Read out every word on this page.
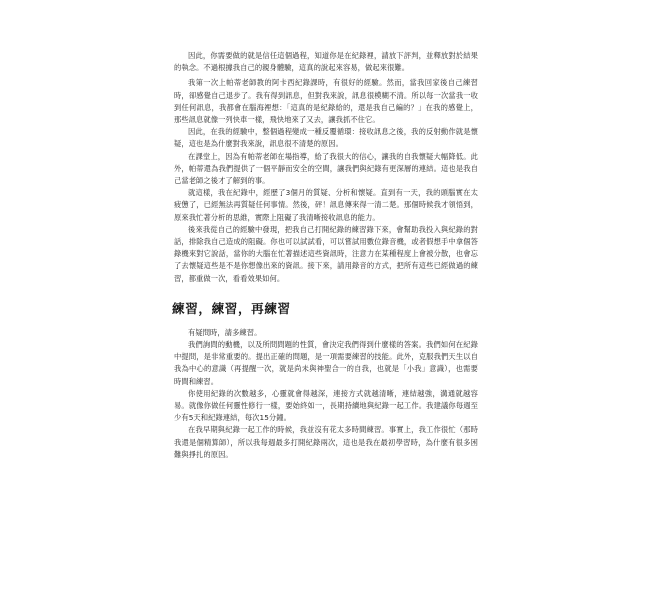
因此，你需要做的就是信任這個過程，知道你是在紀錄裡，請放下評判，並釋放對於結果的執念。不過根據我自己的親身體驗，這真的說起來容易，做起來很難。

我第一次上帕蒂老師教的阿卡西紀錄課時，有很好的經驗。然而，當我回家後自己練習時，卻感覺自己退步了。我有得到訊息，但對我來說，訊息很模糊不清。所以每一次當我一收到任何訊息，我都會在腦海裡想：「這真的是紀錄給的，還是我自己編的？」在我的感覺上，那些訊息就像一列快車一樣，飛快地來了又去，讓我抓不住它。

因此，在我的經驗中，整個過程變成一種反覆循環：接收訊息之後，我的反射動作就是懷疑，這也是為什麼對我來說，訊息很不清楚的原因。

在課堂上，因為有帕蒂老師在場指導，給了我很大的信心，讓我的自我懷疑大幅降低。此外，帕蒂還為我們提供了一個平靜而安全的空間，讓我們與紀錄有更深層的連結。這也是我自己當老師之後才了解到的事。

就這樣，我在紀錄中，經歷了3個月的質疑、分析和懷疑。直到有一天，我的頭腦實在太疲憊了，已經無法再質疑任何事情。然後，砰！訊息傳來得一清二楚。那個時候我才領悟到，原來我忙著分析的思維，實際上阻礙了我清晰接收訊息的能力。

後來我從自己的經驗中發現，把我自己打開紀錄的練習錄下來，會幫助我投入與紀錄的對話，排除我自己造成的阻礙。你也可以試試看，可以嘗試用數位錄音機，或者假想手中拿個答錄機來對它說話，當你的大腦在忙著描述這些資訊時，注意力在某種程度上會被分散，也會忘了去懷疑這些是不是你想像出來的資訊。接下來，請用錄音的方式，把所有這些已經做過的練習，都重做一次，看看效果如何。

練習，練習，再練習

有疑問時，請多練習。

我們詢問的動機，以及所問問題的性質，會決定我們得到什麼樣的答案。我們如何在紀錄中提問，是非常重要的。提出正確的問題，是一項需要練習的技能。此外，克服我們天生以自我為中心的意識（再提醒一次，就是尚未與神聖合一的自我，也就是「小我」意識），也需要時間和練習。

你使用紀錄的次數越多，心靈就會得越深，連接方式就越清晰，連結越強，溝通就越容易。就像你做任何靈性修行一樣，要始終如一，長期持續地與紀錄一起工作。我建議你每週至少有5天和紀錄連結，每次15分鐘。

在我早期與紀錄一起工作的時候，我並沒有花太多時間練習。事實上，我工作很忙（那時我還是個精算師），所以我每週最多打開紀錄兩次，這也是我在最初學習時，為什麼有很多困難與掙扎的原因。
